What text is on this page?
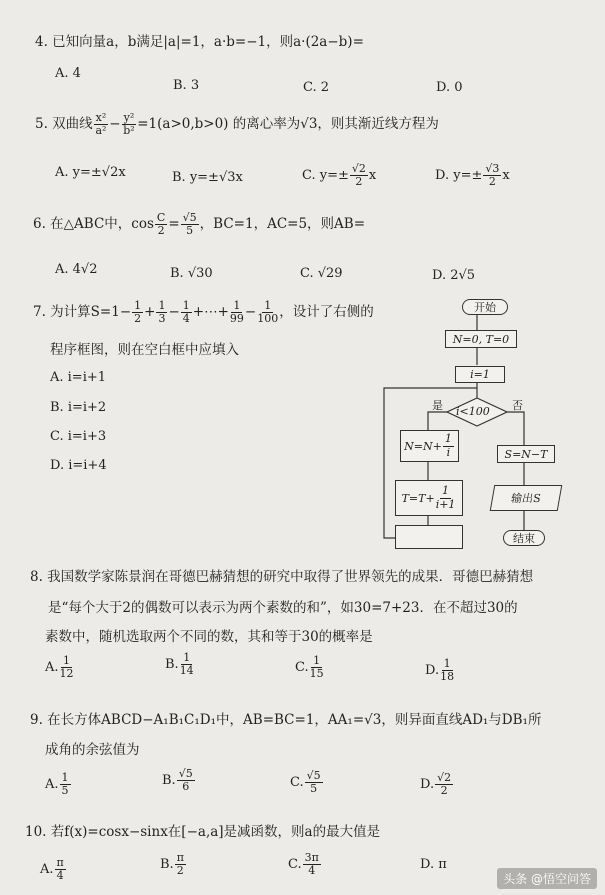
4. 已知向量a，b满足|a|=1，a·b=−1，则a·(2a−b)=
A. 4
B. 3	C. 2	D. 0
5. 双曲线 $\frac{\text{x²}}{\text{a²}} - \frac{\text{y²}}{\text{b²}} =1(a>0,b>0)$ 的离心率为√3，则其渐近线方程为
A. y=±√2x	B. y=±√3x	C. $y=\pm \frac{√2}{2}$ x	D. $y=\pm \frac{√3}{2}$ x
6. 在△ABC中，$\cos \frac{C}{2} = \frac{√5}{5}$ ，BC=1，AC=5，则AB=
A. 4√2	B. √30	C. √29	D. 2√5
7. 为计算$S=1- \frac{1}{2} + \frac{1}{3} - \frac{1}{4}$ +⋯+ $\frac{1}{99} - \frac{1}{100}$ ，设计了右侧的
程序框图，则在空白框中应填入
A. i=i+1
B. i=i+2
C. i=i+3
D. i=i+4
开始
N=0, T=0
i=1
i<100
是	否
$N=N+ \frac{1}{i}$
$T=T+ \frac{1}{i+1}$
S=N−T
输出S
结束
8. 我国数学家陈景润在哥德巴赫猜想的研究中取得了世界领先的成果．哥德巴赫猜想
是“每个大于2的偶数可以表示为两个素数的和”，如30=7+23．在不超过30的
素数中，随机选取两个不同的数，其和等于30的概率是
A. $\frac{1}{12}$	B. $\frac{1}{14}$	C. $\frac{1}{15}$	D. $\frac{1}{18}$
9. 在长方体ABCD−A₁B₁C₁D₁中，AB=BC=1，AA₁=√3，则异面直线AD₁与DB₁所
成角的余弦值为
A. $\frac{1}{5}$	B. $\frac{√5}{6}$	C. $\frac{√5}{5}$	D. $\frac{√2}{2}$
10. 若f(x)=cosx−sinx在[−a,a]是减函数，则a的最大值是
A. $\frac{\pi}{4}$	B. $\frac{\pi}{2}$	C. $\frac{3\pi}{4}$	D. π
头条 @悟空问答
